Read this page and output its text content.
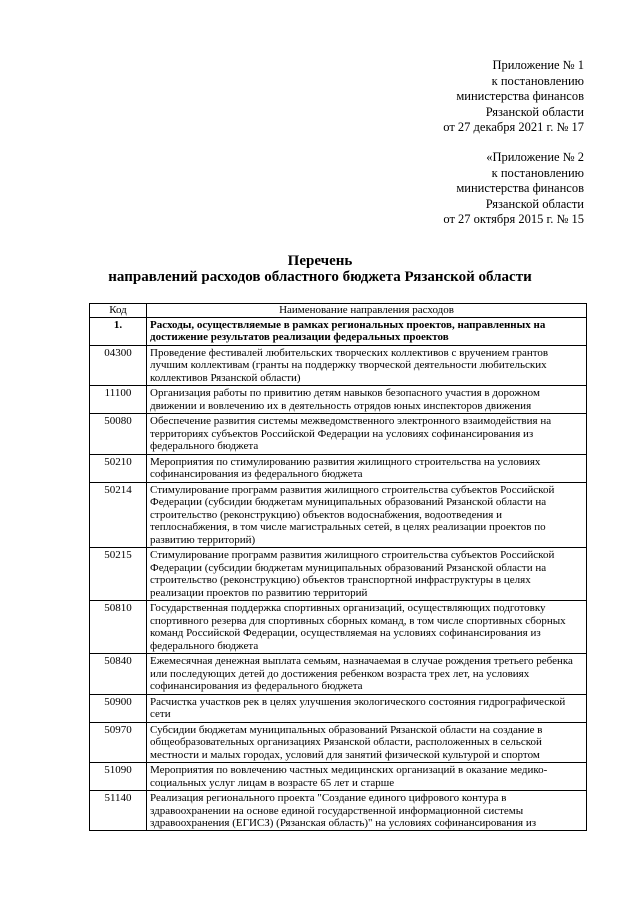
Приложение № 1
к постановлению
министерства финансов
Рязанской области
от 27 декабря 2021 г. № 17
«Приложение № 2
к постановлению
министерства финансов
Рязанской области
от 27 октября 2015 г. № 15
Перечень
направлений расходов областного бюджета Рязанской области
Код	Наименование направления расходов
1.	Расходы, осуществляемые в рамках региональных проектов, направленных на достижение результатов реализации федеральных проектов
04300	Проведение фестивалей любительских творческих коллективов с вручением грантов лучшим коллективам (гранты на поддержку творческой деятельности любительских коллективов Рязанской области)
11100	Организация работы по привитию детям навыков безопасного участия в дорожном движении и вовлечению их в деятельность отрядов юных инспекторов движения
50080	Обеспечение развития системы межведомственного электронного взаимодействия на территориях субъектов Российской Федерации на условиях софинансирования из федерального бюджета
50210	Мероприятия по стимулированию развития жилищного строительства на условиях софинансирования из федерального бюджета
50214	Стимулирование программ развития жилищного строительства субъектов Российской Федерации (субсидии бюджетам муниципальных образований Рязанской области на строительство (реконструкцию) объектов водоснабжения, водоотведения и теплоснабжения, в том числе магистральных сетей, в целях реализации проектов по развитию территорий)
50215	Стимулирование программ развития жилищного строительства субъектов Российской Федерации (субсидии бюджетам муниципальных образований Рязанской области на строительство (реконструкцию) объектов транспортной инфраструктуры в целях реализации проектов по развитию территорий
50810	Государственная поддержка спортивных организаций, осуществляющих подготовку спортивного резерва для спортивных сборных команд, в том числе спортивных сборных команд Российской Федерации, осуществляемая на условиях софинансирования из федерального бюджета
50840	Ежемесячная денежная выплата семьям, назначаемая в случае рождения третьего ребенка или последующих детей до достижения ребенком возраста трех лет, на условиях софинансирования из федерального бюджета
50900	Расчистка участков рек в целях улучшения экологического состояния гидрографической сети
50970	Субсидии бюджетам муниципальных образований Рязанской области на создание в общеобразовательных организациях Рязанской области, расположенных в сельской местности и малых городах, условий для занятий физической культурой и спортом
51090	Мероприятия по вовлечению частных медицинских организаций в оказание медико-социальных услуг лицам в возрасте 65 лет и старше
51140	Реализация регионального проекта "Создание единого цифрового контура в здравоохранении на основе единой государственной информационной системы здравоохранения (ЕГИСЗ) (Рязанская область)" на условиях софинансирования из
